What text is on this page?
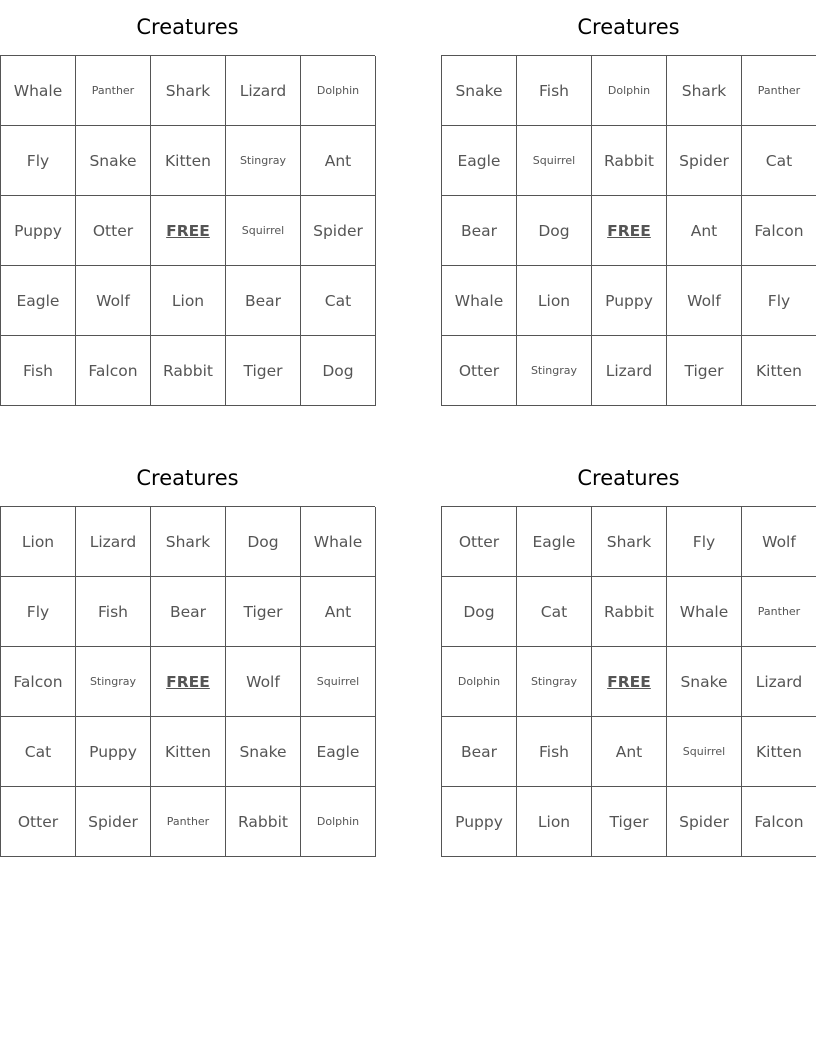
Creatures
Whale	Panther	Shark	Lizard	Dolphin
Fly	Snake	Kitten	Stingray	Ant
Puppy	Otter	FREE	Squirrel	Spider
Eagle	Wolf	Lion	Bear	Cat
Fish	Falcon	Rabbit	Tiger	Dog
Creatures
Snake	Fish	Dolphin	Shark	Panther
Eagle	Squirrel	Rabbit	Spider	Cat
Bear	Dog	FREE	Ant	Falcon
Whale	Lion	Puppy	Wolf	Fly
Otter	Stingray	Lizard	Tiger	Kitten
Creatures
Lion	Lizard	Shark	Dog	Whale
Fly	Fish	Bear	Tiger	Ant
Falcon	Stingray	FREE	Wolf	Squirrel
Cat	Puppy	Kitten	Snake	Eagle
Otter	Spider	Panther	Rabbit	Dolphin
Creatures
Otter	Eagle	Shark	Fly	Wolf
Dog	Cat	Rabbit	Whale	Panther
Dolphin	Stingray	FREE	Snake	Lizard
Bear	Fish	Ant	Squirrel	Kitten
Puppy	Lion	Tiger	Spider	Falcon
